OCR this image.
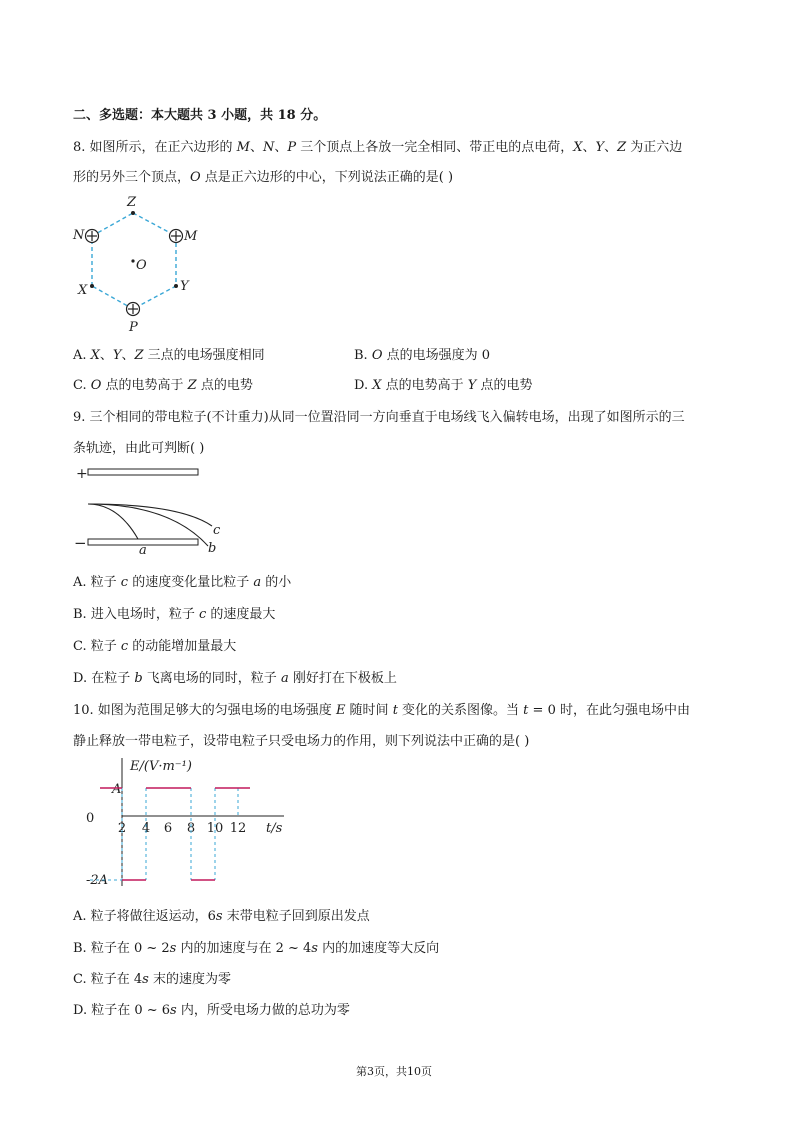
二、多选题：本大题共 3 小题，共 18 分。
8. 如图所示，在正六边形的 𝑀、𝑁、𝑃 三个顶点上各放一完全相同、带正电的点电荷，𝑋、𝑌、𝑍 为正六边
形的另外三个顶点，𝑂 点是正六边形的中心，下列说法正确的是( )
Z
N	M
O
X	Y
P
A. 𝑋、𝑌、𝑍 三点的电场强度相同	B. 𝑂 点的电场强度为 0
C. 𝑂 点的电势高于 𝑍 点的电势	D. 𝑋 点的电势高于 𝑌 点的电势
9. 三个相同的带电粒子(不计重力)从同一位置沿同一方向垂直于电场线飞入偏转电场，出现了如图所示的三
条轨迹，由此可判断( )
+
−	a	b
c
A. 粒子 𝑐 的速度变化量比粒子 𝑎 的小
B. 进入电场时，粒子 𝑐 的速度最大
C. 粒子 𝑐 的动能增加量最大
D. 在粒子 𝑏 飞离电场的同时，粒子 𝑎 刚好打在下极板上
10. 如图为范围足够大的匀强电场的电场强度 𝐸 随时间 𝑡 变化的关系图像。当 𝑡 = 0 时，在此匀强电场中由
静止释放一带电粒子，设带电粒子只受电场力的作用，则下列说法中正确的是( )
E/(V·m⁻¹)
t/s
A
0
-2A
2 4 6 8 10 12
A. 粒子将做往返运动，6𝑠 末带电粒子回到原出发点
B. 粒子在 0 ~ 2𝑠 内的加速度与在 2 ~ 4𝑠 内的加速度等大反向
C. 粒子在 4𝑠 末的速度为零
D. 粒子在 0 ~ 6𝑠 内，所受电场力做的总功为零
第3页，共10页
